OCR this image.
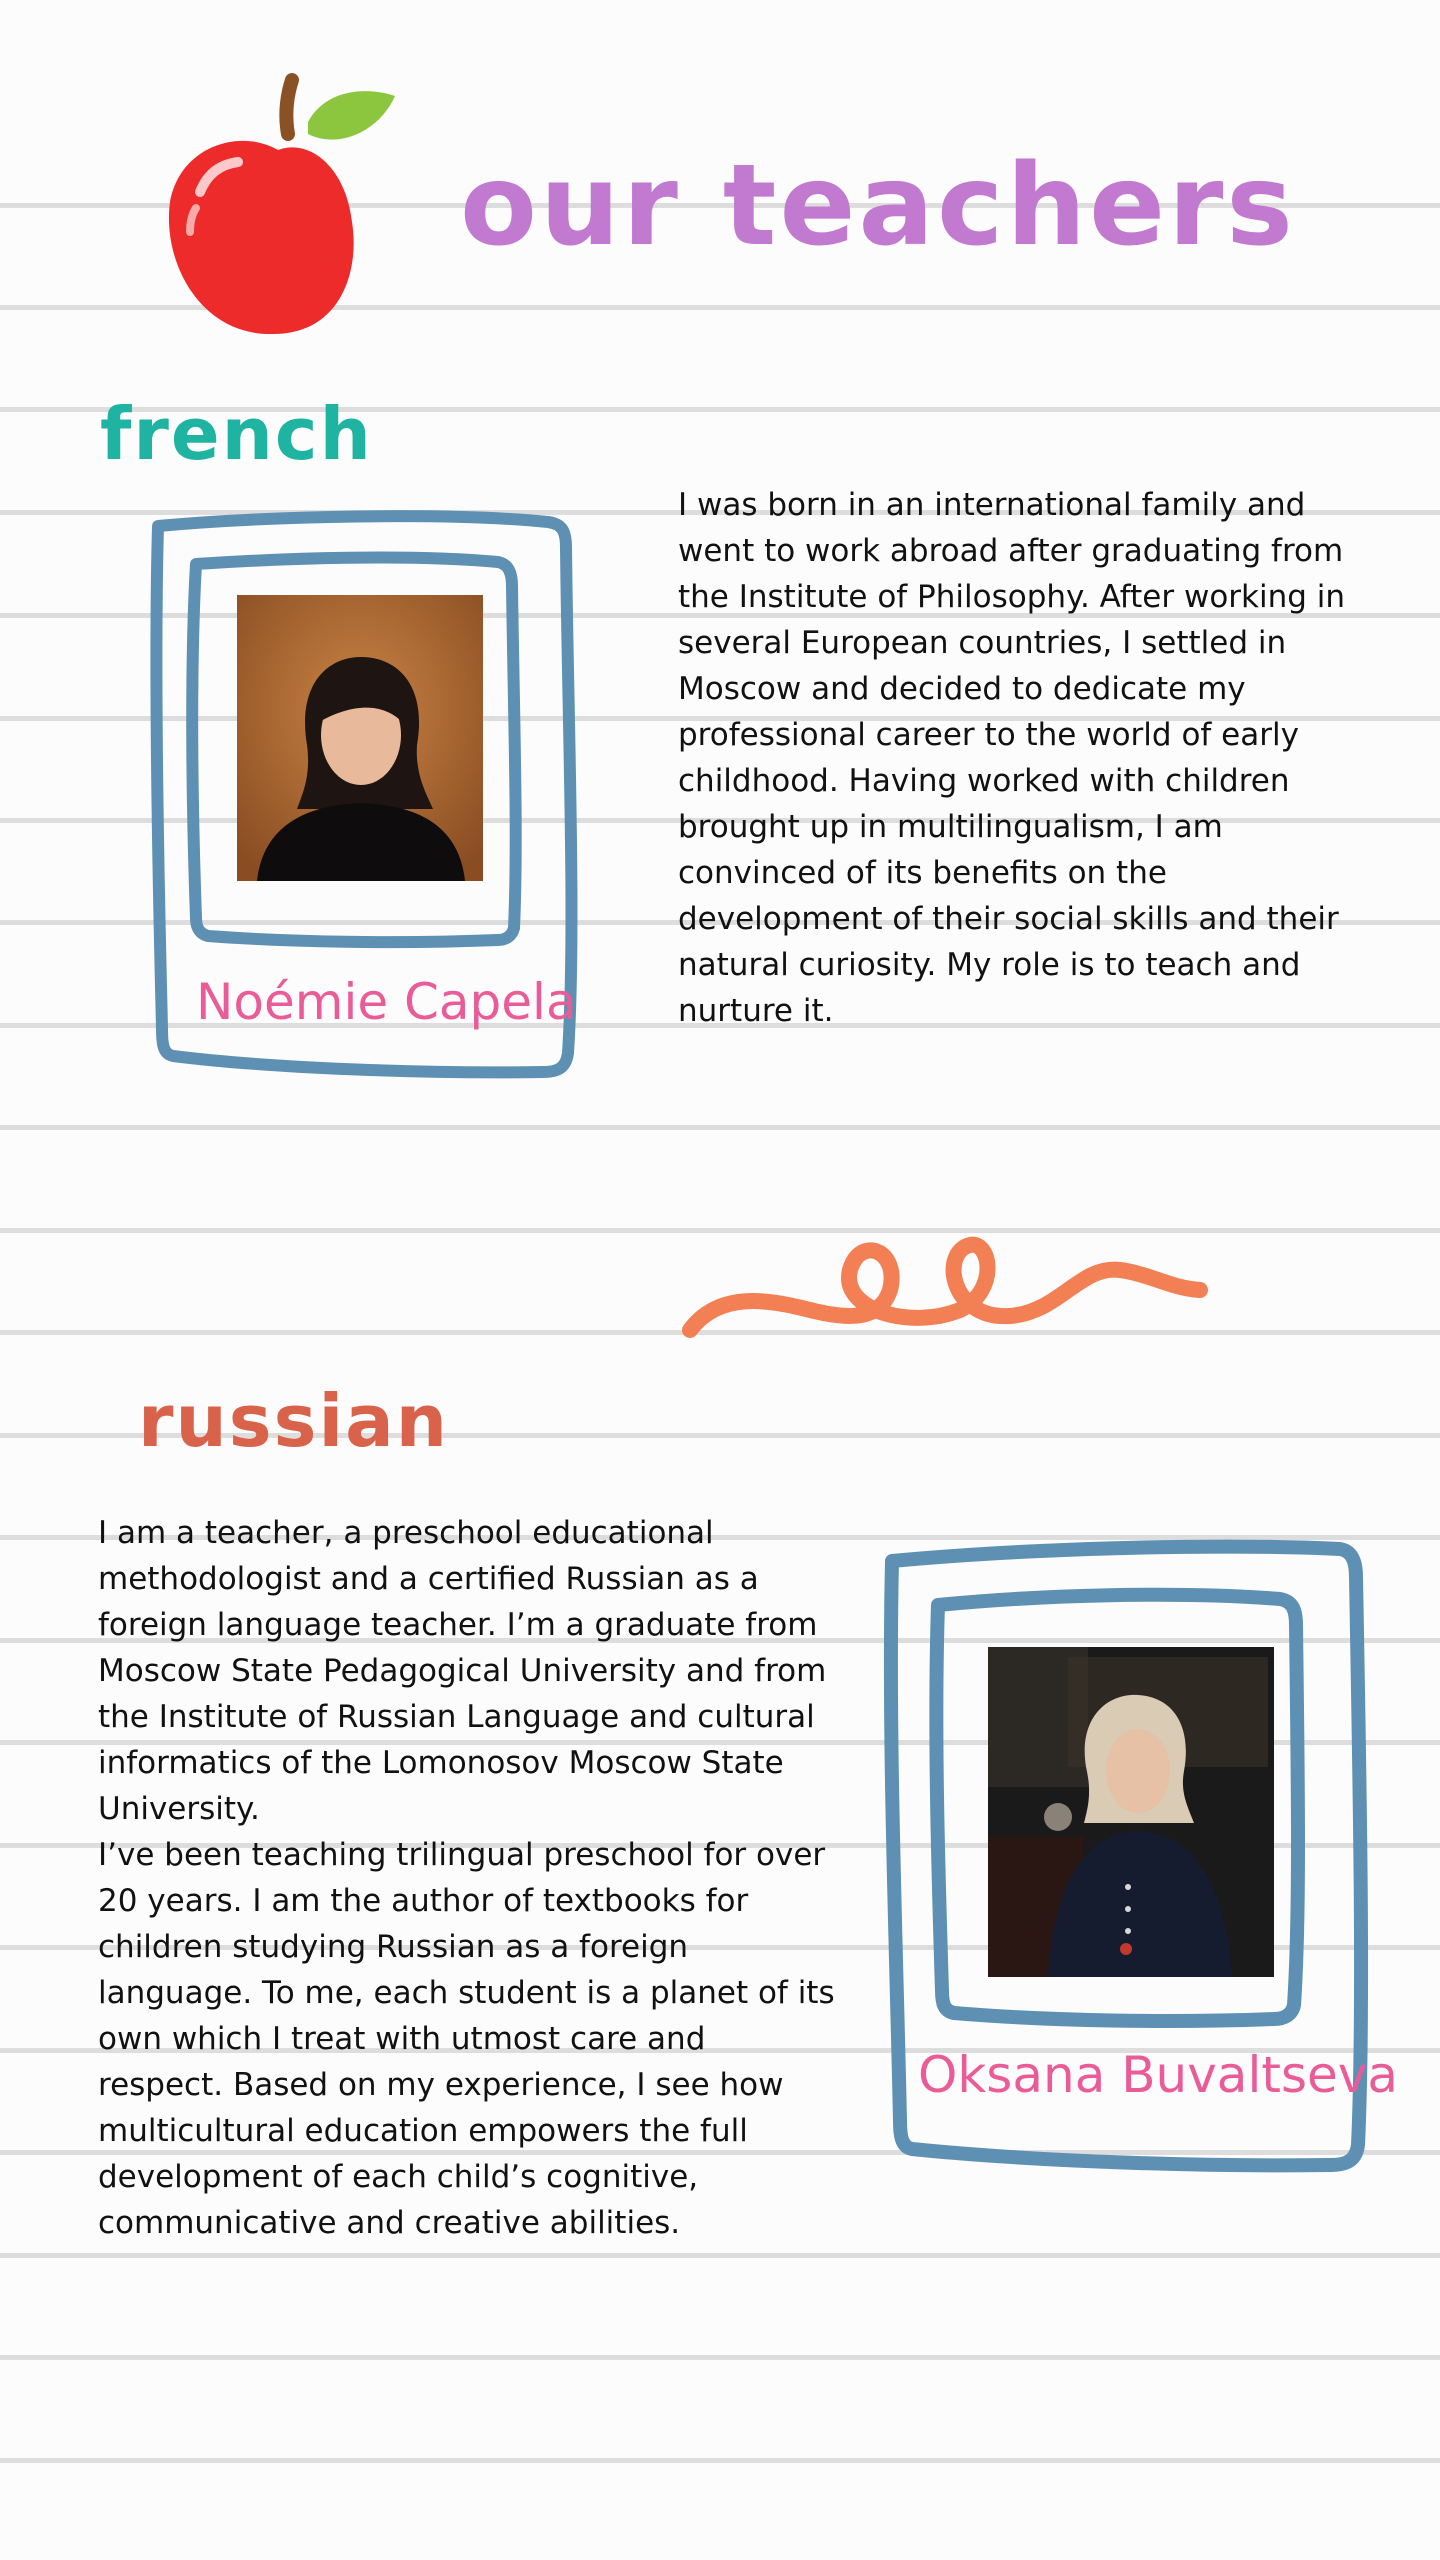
our teachers
french
Noémie Capela

I was born in an international family and went to work abroad after graduating from the Institute of Philosophy. After working in several European countries, I settled in Moscow and decided to dedicate my professional career to the world of early childhood. Having worked with children brought up in multilingualism, I am convinced of its benefits on the development of their social skills and their natural curiosity. My role is to teach and nurture it.

russian

I am a teacher, a preschool educational methodologist and a certified Russian as a foreign language teacher. I’m a graduate from Moscow State Pedagogical University and from the Institute of Russian Language and cultural informatics of the Lomonosov Moscow State University.

I’ve been teaching trilingual preschool for over 20 years. I am the author of textbooks for children studying Russian as a foreign language. To me, each student is a planet of its own which I treat with utmost care and respect. Based on my experience, I see how multicultural education empowers the full development of each child’s cognitive, communicative and creative abilities.

Oksana Buvaltseva
